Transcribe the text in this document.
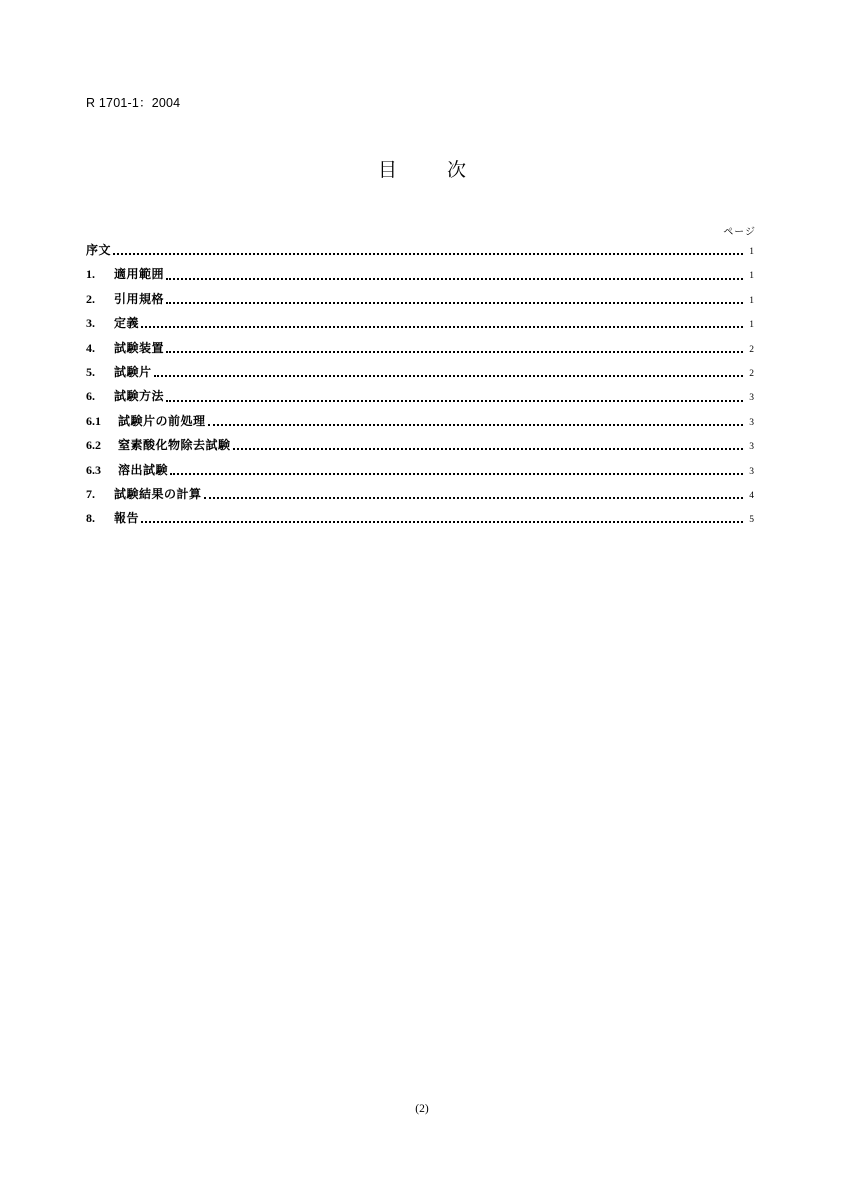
R 1701-1：2004
目 次
ページ
序文	1
1.	適用範囲	1
2.	引用規格	1
3.	定義	1
4.	試験装置	2
5.	試験片	2
6.	試験方法	3
6.1	試験片の前処理	3
6.2	窒素酸化物除去試験	3
6.3	溶出試験	3
7.	試験結果の計算	4
8.	報告	5
(2)
